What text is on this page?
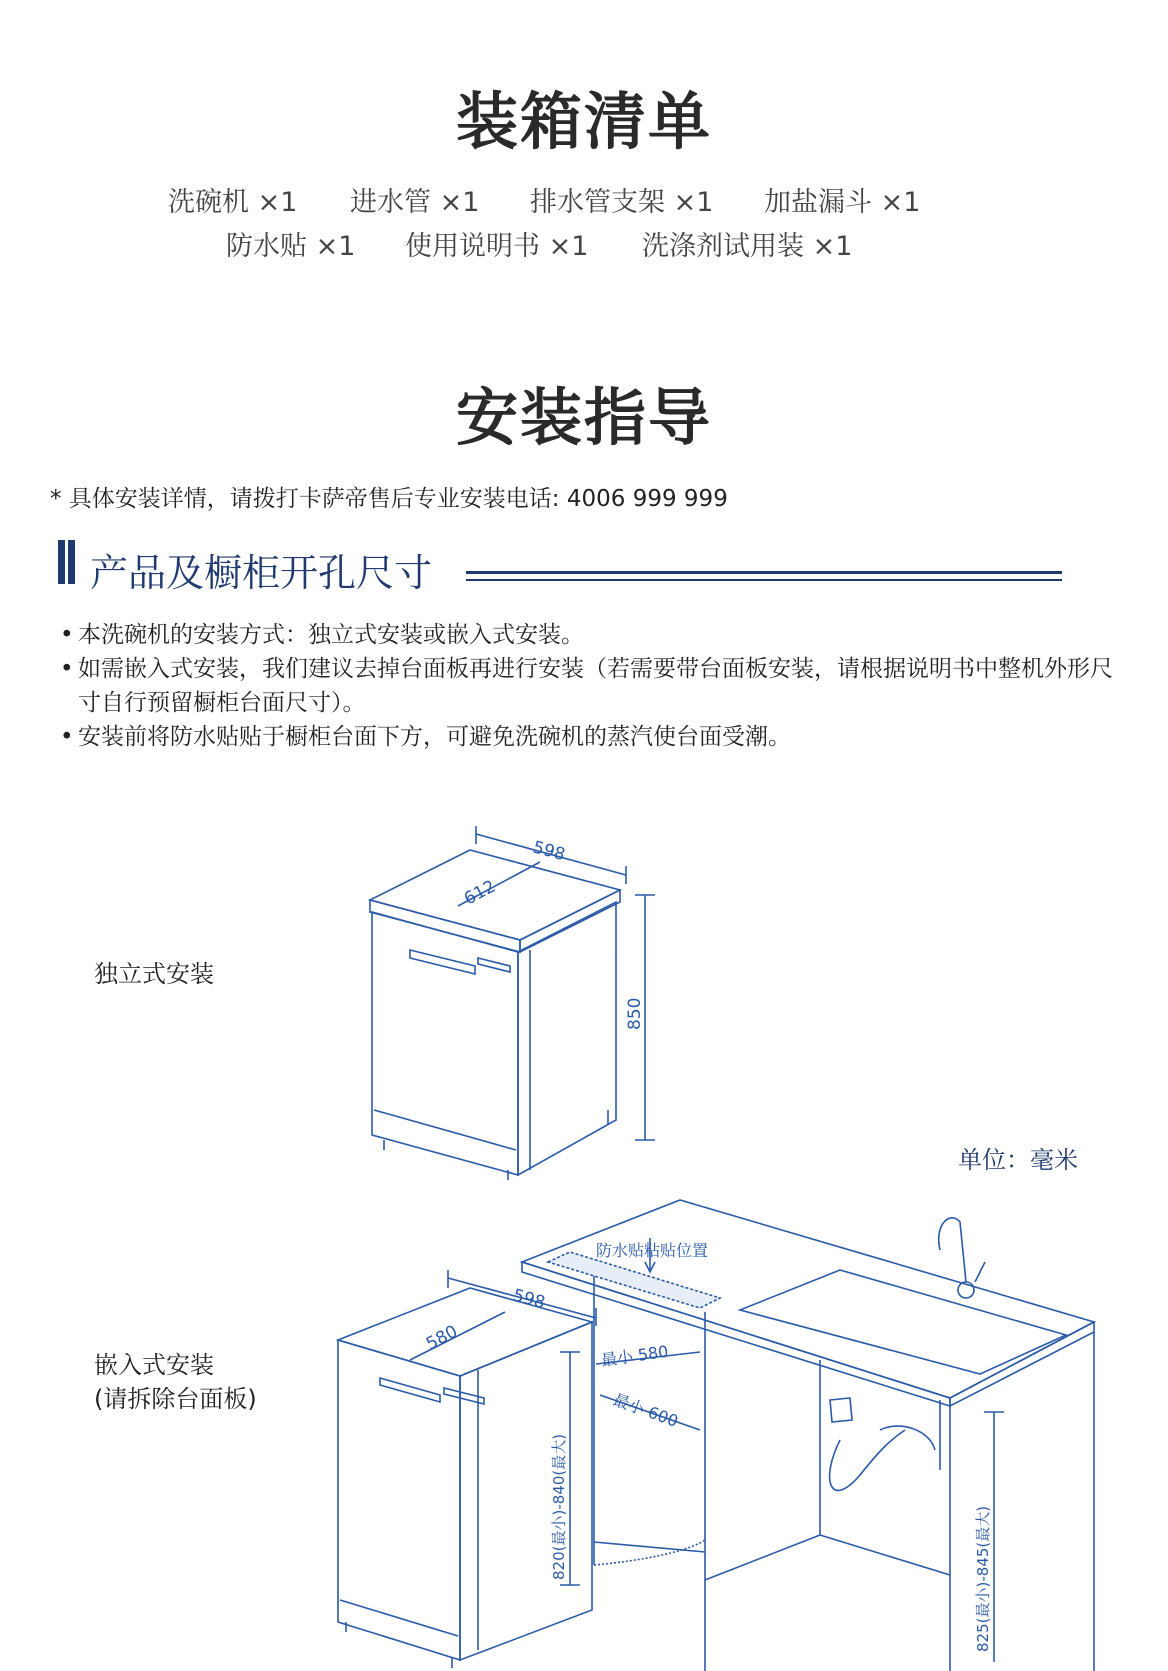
装箱清单
洗碗机 ×1 进水管 ×1 排水管支架 ×1 加盐漏斗 ×1
防水贴 ×1 使用说明书 ×1 洗涤剂试用装 ×1
安装指导
* 具体安装详情，请拨打卡萨帝售后专业安装电话: 4006 999 999
产品及橱柜开孔尺寸
• 本洗碗机的安装方式：独立式安装或嵌入式安装。
• 如需嵌入式安装，我们建议去掉台面板再进行安装（若需要带台面板安装，请根据说明书中整机外形尺寸自行预留橱柜台面尺寸）。
• 安装前将防水贴贴于橱柜台面下方，可避免洗碗机的蒸汽使台面受潮。
独立式安装
嵌入式安装
(请拆除台面板)
单位：毫米
598
612
850
598
580
820(最小)-840(最大)
最小 580
最小 600
825(最小)-845(最大)
防水贴粘贴位置
